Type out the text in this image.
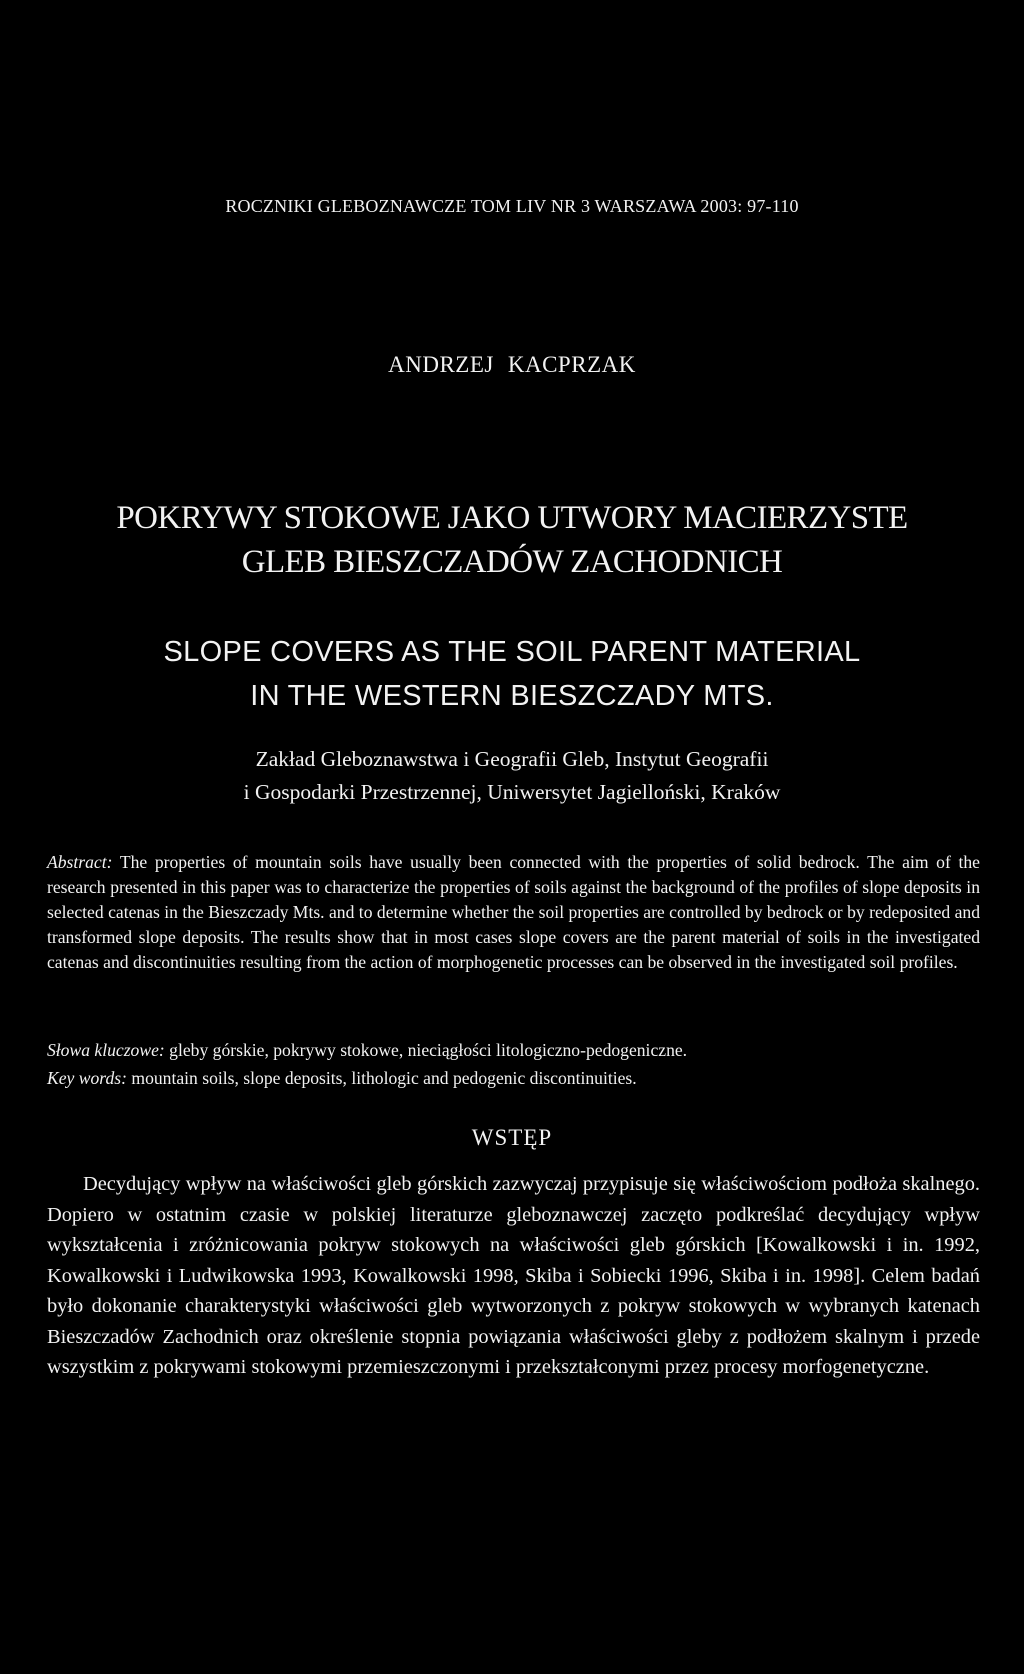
ROCZNIKI GLEBOZNAWCZE TOM LIV NR 3 WARSZAWA 2003: 97-110
ANDRZEJ KACPRZAK
POKRYWY STOKOWE JAKO UTWORY MACIERZYSTE
GLEB BIESZCZADÓW ZACHODNICH
SLOPE COVERS AS THE SOIL PARENT MATERIAL
IN THE WESTERN BIESZCZADY MTS.
Zakład Gleboznawstwa i Geografii Gleb, Instytut Geografii
i Gospodarki Przestrzennej, Uniwersytet Jagielloński, Kraków
Abstract: The properties of mountain soils have usually been connected with the properties of solid bedrock. The aim of the research presented in this paper was to characterize the properties of soils against the background of the profiles of slope deposits in selected catenas in the Bieszczady Mts. and to determine whether the soil properties are controlled by bedrock or by redeposited and transformed slope deposits. The results show that in most cases slope covers are the parent material of soils in the investigated catenas and discontinuities resulting from the action of morphogenetic processes can be observed in the investigated soil profiles.
Słowa kluczowe: gleby górskie, pokrywy stokowe, nieciągłości litologiczno-pedogeniczne.
Key words: mountain soils, slope deposits, lithologic and pedogenic discontinuities.
WSTĘP
Decydujący wpływ na właściwości gleb górskich zazwyczaj przypisuje się właściwościom podłoża skalnego. Dopiero w ostatnim czasie w polskiej literaturze gleboznawczej zaczęto podkreślać decydujący wpływ wykształcenia i zróżnicowania pokryw stokowych na właściwości gleb górskich [Kowalkowski i in. 1992, Kowalkowski i Ludwikowska 1993, Kowalkowski 1998, Skiba i Sobiecki 1996, Skiba i in. 1998]. Celem badań było dokonanie charakterystyki właściwości gleb wytworzonych z pokryw stokowych w wybranych katenach Bieszczadów Zachodnich oraz określenie stopnia powiązania właściwości gleby z podłożem skalnym i przede wszystkim z pokrywami stokowymi przemieszczonymi i przekształconymi przez procesy morfogenetyczne.
